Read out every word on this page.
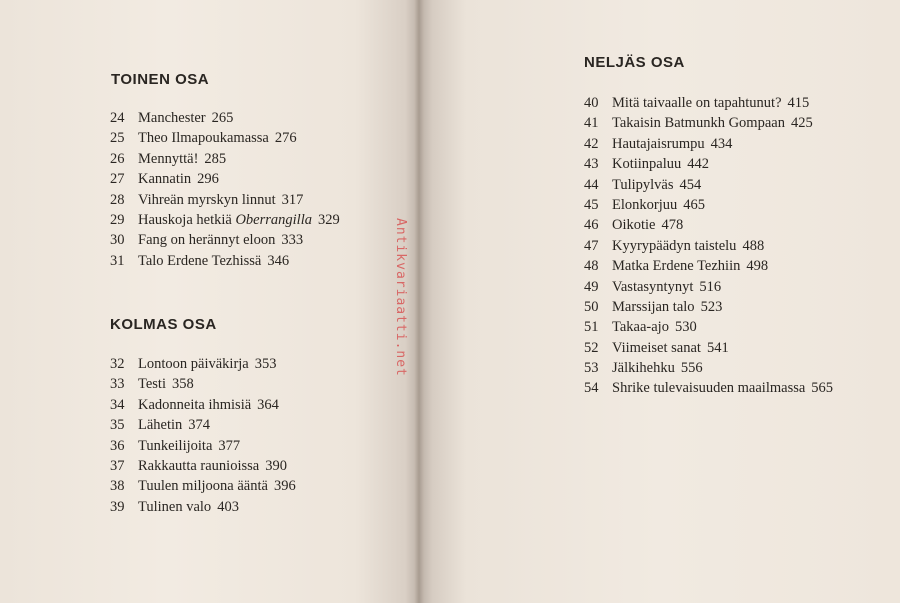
TOINEN OSA
24 Manchester 265
25 Theo Ilmapoukamassa 276
26 Mennyttä! 285
27 Kannatin 296
28 Vihreän myrskyn linnut 317
29 Hauskoja hetkiä Oberrangilla 329
30 Fang on herännyt eloon 333
31 Talo Erdene Tezhissä 346
KOLMAS OSA
32 Lontoon päiväkirja 353
33 Testi 358
34 Kadonneita ihmisiä 364
35 Lähetin 374
36 Tunkeilijoita 377
37 Rakkautta raunioissa 390
38 Tuulen miljoona ääntä 396
39 Tulinen valo 403
NELJÄS OSA
40 Mitä taivaalle on tapahtunut? 415
41 Takaisin Batmunkh Gompaan 425
42 Hautajaisrumpu 434
43 Kotiinpaluu 442
44 Tulipylväs 454
45 Elonkorjuu 465
46 Oikotie 478
47 Kyyrypäädyn taistelu 488
48 Matka Erdene Tezhiin 498
49 Vastasyntynyt 516
50 Marssijan talo 523
51 Takaa-ajo 530
52 Viimeiset sanat 541
53 Jälkihehku 556
54 Shrike tulevaisuuden maailmassa 565
Antikvariaatti.net
